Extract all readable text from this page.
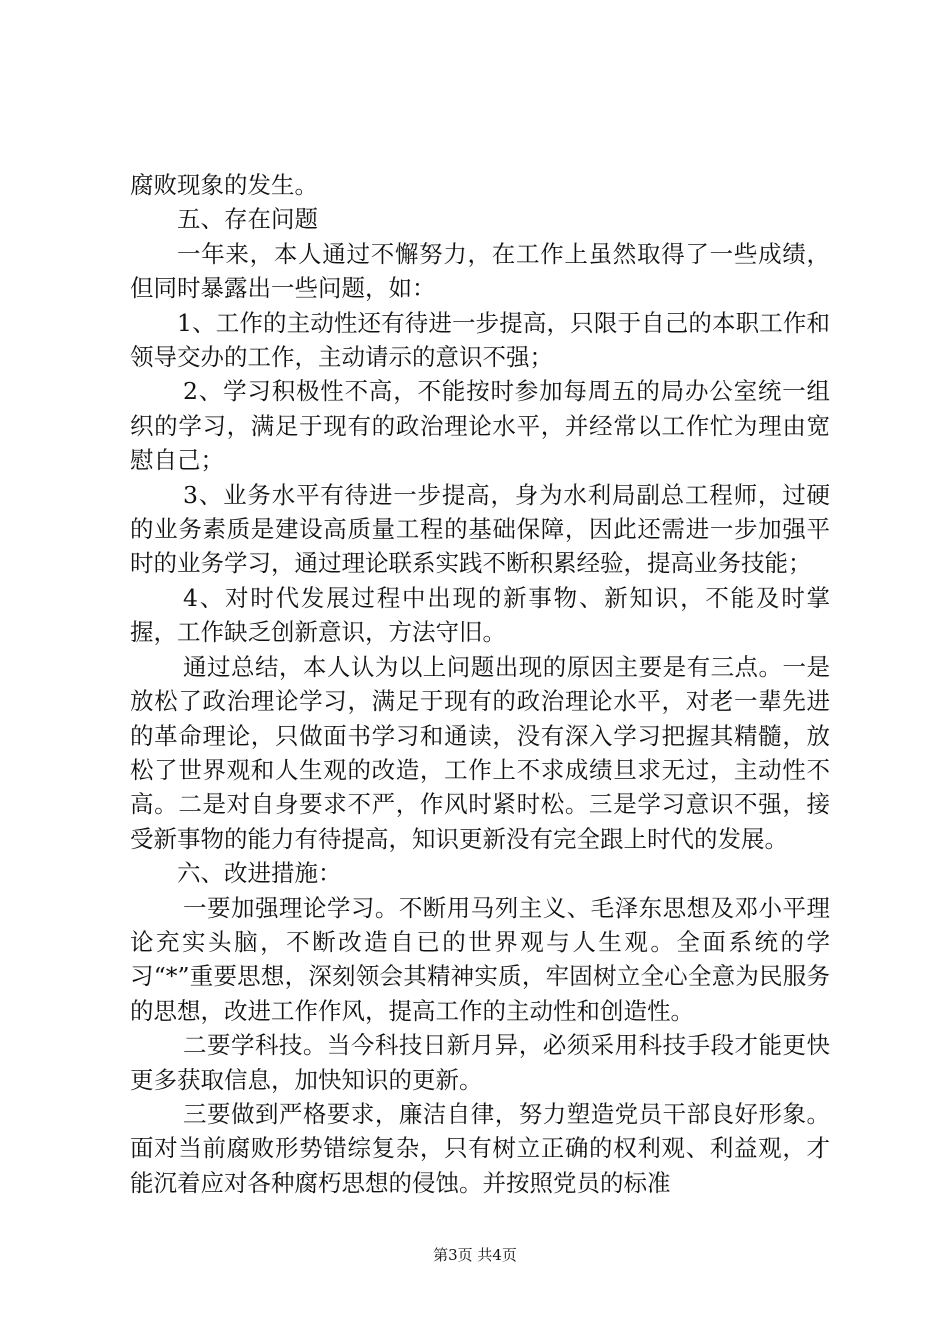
腐败现象的发生。

五、存在问题

一年来，本人通过不懈努力，在工作上虽然取得了一些成绩，但同时暴露出一些问题，如：

1、工作的主动性还有待进一步提高，只限于自己的本职工作和领导交办的工作，主动请示的意识不强；

2、学习积极性不高，不能按时参加每周五的局办公室统一组织的学习，满足于现有的政治理论水平，并经常以工作忙为理由宽慰自己；

3、业务水平有待进一步提高，身为水利局副总工程师，过硬的业务素质是建设高质量工程的基础保障，因此还需进一步加强平时的业务学习，通过理论联系实践不断积累经验，提高业务技能；

4、对时代发展过程中出现的新事物、新知识，不能及时掌握，工作缺乏创新意识，方法守旧。

通过总结，本人认为以上问题出现的原因主要是有三点。一是放松了政治理论学习，满足于现有的政治理论水平，对老一辈先进的革命理论，只做面书学习和通读，没有深入学习把握其精髓，放松了世界观和人生观的改造，工作上不求成绩旦求无过，主动性不高。二是对自身要求不严，作风时紧时松。三是学习意识不强，接受新事物的能力有待提高，知识更新没有完全跟上时代的发展。

六、改进措施：

一要加强理论学习。不断用马列主义、毛泽东思想及邓小平理论充实头脑，不断改造自已的世界观与人生观。全面系统的学习“*”重要思想，深刻领会其精神实质，牢固树立全心全意为民服务的思想，改进工作作风，提高工作的主动性和创造性。

二要学科技。当今科技日新月异，必须采用科技手段才能更快更多获取信息，加快知识的更新。

三要做到严格要求，廉洁自律，努力塑造党员干部良好形象。面对当前腐败形势错综复杂，只有树立正确的权利观、利益观，才能沉着应对各种腐朽思想的侵蚀。并按照党员的标准

第3页 共4页
